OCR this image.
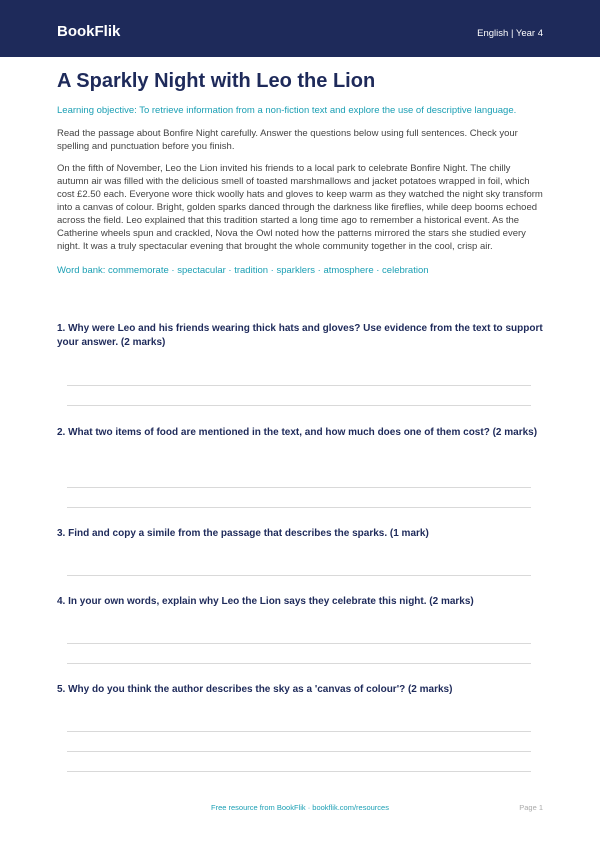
BookFlik	English | Year 4
A Sparkly Night with Leo the Lion
Learning objective: To retrieve information from a non-fiction text and explore the use of descriptive language.
Read the passage about Bonfire Night carefully. Answer the questions below using full sentences. Check your spelling and punctuation before you finish.
On the fifth of November, Leo the Lion invited his friends to a local park to celebrate Bonfire Night. The chilly autumn air was filled with the delicious smell of toasted marshmallows and jacket potatoes wrapped in foil, which cost £2.50 each. Everyone wore thick woolly hats and gloves to keep warm as they watched the night sky transform into a canvas of colour. Bright, golden sparks danced through the darkness like fireflies, while deep booms echoed across the field. Leo explained that this tradition started a long time ago to remember a historical event. As the Catherine wheels spun and crackled, Nova the Owl noted how the patterns mirrored the stars she studied every night. It was a truly spectacular evening that brought the whole community together in the cool, crisp air.
Word bank: commemorate · spectacular · tradition · sparklers · atmosphere · celebration
1. Why were Leo and his friends wearing thick hats and gloves? Use evidence from the text to support your answer. (2 marks)
2. What two items of food are mentioned in the text, and how much does one of them cost? (2 marks)
3. Find and copy a simile from the passage that describes the sparks. (1 mark)
4. In your own words, explain why Leo the Lion says they celebrate this night. (2 marks)
5. Why do you think the author describes the sky as a 'canvas of colour'? (2 marks)
Free resource from BookFlik · bookflik.com/resources	Page 1
